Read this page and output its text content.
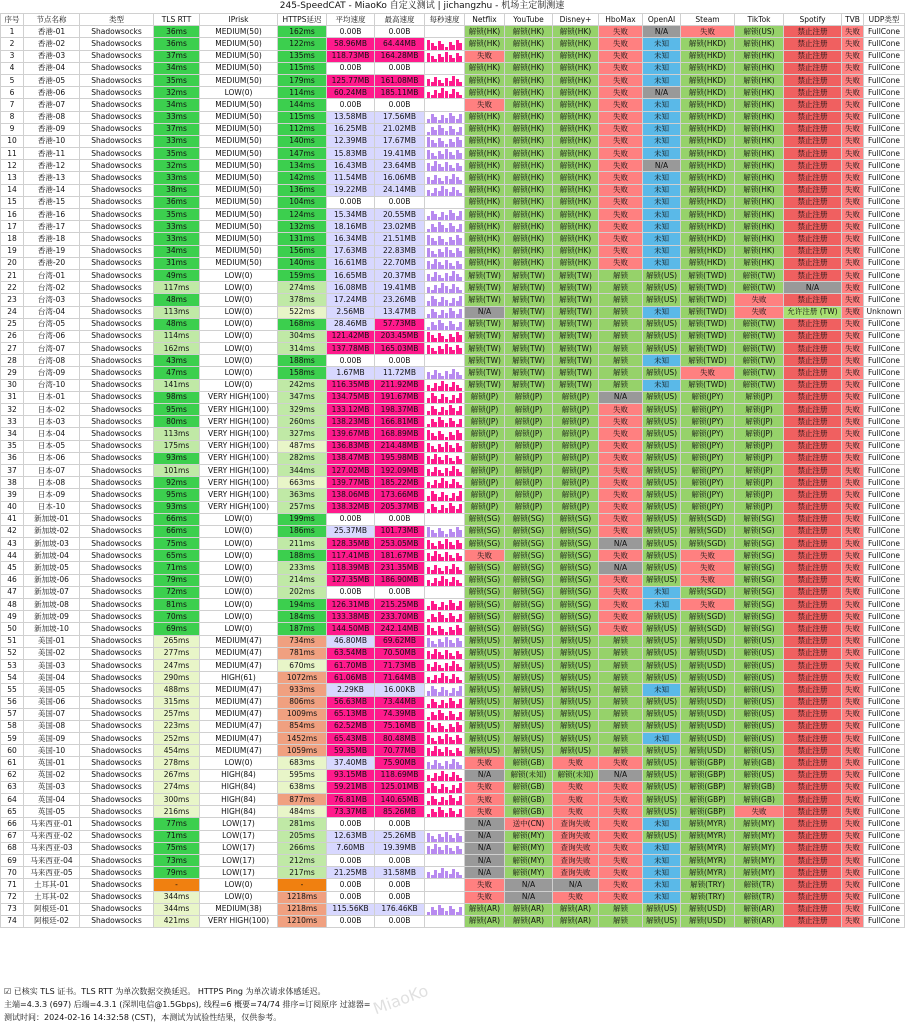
245-SpeedCAT - MiaoKo 自定义测试 | jichangzhu - 机场主定制测速
序号	节点名称	类型	TLS RTT	IPrisk	HTTPS延迟	平均速度	最高速度	每秒速度	Netflix	YouTube	Disney+	HboMax	OpenAI	Steam	TikTok	Spotify	TVB	UDP类型
1	香港-01	Shadowsocks	36ms	MEDIUM(50)	162ms	0.00B	0.00B		解锁(HK)	解锁(HK)	解锁(HK)	失败	N/A	失败	解锁(US)	禁止注册	失败	FullCone
2	香港-02	Shadowsocks	36ms	MEDIUM(50)	122ms	58.96MB	64.44MB		解锁(HK)	解锁(HK)	解锁(HK)	失败	未知	解锁(HKD)	解锁(HK)	禁止注册	失败	FullCone
3	香港-03	Shadowsocks	37ms	MEDIUM(50)	135ms	118.73MB	164.28MB		失败	解锁(HK)	解锁(HK)	失败	未知	解锁(HKD)	解锁(HK)	禁止注册	失败	FullCone
4	香港-04	Shadowsocks	34ms	MEDIUM(50)	115ms	0.00B	0.00B		解锁(HK)	解锁(HK)	解锁(HK)	失败	未知	解锁(HKD)	解锁(HK)	禁止注册	失败	FullCone
5	香港-05	Shadowsocks	35ms	MEDIUM(50)	179ms	125.77MB	161.08MB		解锁(HK)	解锁(HK)	解锁(HK)	失败	未知	解锁(HKD)	解锁(HK)	禁止注册	失败	FullCone
6	香港-06	Shadowsocks	32ms	LOW(0)	114ms	60.24MB	185.11MB		解锁(HK)	解锁(HK)	解锁(HK)	失败	N/A	解锁(HKD)	解锁(HK)	禁止注册	失败	FullCone
7	香港-07	Shadowsocks	34ms	MEDIUM(50)	144ms	0.00B	0.00B		失败	解锁(HK)	解锁(HK)	失败	未知	解锁(HKD)	解锁(HK)	禁止注册	失败	FullCone
8	香港-08	Shadowsocks	33ms	MEDIUM(50)	115ms	13.58MB	17.56MB		解锁(HK)	解锁(HK)	解锁(HK)	失败	未知	解锁(HKD)	解锁(HK)	禁止注册	失败	FullCone
9	香港-09	Shadowsocks	37ms	MEDIUM(50)	112ms	16.25MB	21.02MB		解锁(HK)	解锁(HK)	解锁(HK)	失败	未知	解锁(HKD)	解锁(HK)	禁止注册	失败	FullCone
10	香港-10	Shadowsocks	33ms	MEDIUM(50)	140ms	12.39MB	17.67MB		解锁(HK)	解锁(HK)	解锁(HK)	失败	未知	解锁(HKD)	解锁(HK)	禁止注册	失败	FullCone
11	香港-11	Shadowsocks	35ms	MEDIUM(50)	147ms	15.83MB	19.41MB		解锁(HK)	解锁(HK)	解锁(HK)	失败	未知	解锁(HKD)	解锁(HK)	禁止注册	失败	FullCone
12	香港-12	Shadowsocks	32ms	MEDIUM(50)	134ms	16.43MB	23.64MB		解锁(HK)	解锁(HK)	解锁(HK)	失败	N/A	解锁(HKD)	解锁(HK)	禁止注册	失败	FullCone
13	香港-13	Shadowsocks	33ms	MEDIUM(50)	142ms	11.54MB	16.06MB		解锁(HK)	解锁(HK)	解锁(HK)	失败	未知	解锁(HKD)	解锁(HK)	禁止注册	失败	FullCone
14	香港-14	Shadowsocks	38ms	MEDIUM(50)	136ms	19.22MB	24.14MB		解锁(HK)	解锁(HK)	解锁(HK)	失败	未知	解锁(HKD)	解锁(HK)	禁止注册	失败	FullCone
15	香港-15	Shadowsocks	36ms	MEDIUM(50)	104ms	0.00B	0.00B		解锁(HK)	解锁(HK)	解锁(HK)	失败	未知	解锁(HKD)	解锁(HK)	禁止注册	失败	FullCone
16	香港-16	Shadowsocks	35ms	MEDIUM(50)	124ms	15.34MB	20.55MB		解锁(HK)	解锁(HK)	解锁(HK)	失败	未知	解锁(HKD)	解锁(HK)	禁止注册	失败	FullCone
17	香港-17	Shadowsocks	33ms	MEDIUM(50)	132ms	18.16MB	23.02MB		解锁(HK)	解锁(HK)	解锁(HK)	失败	未知	解锁(HKD)	解锁(HK)	禁止注册	失败	FullCone
18	香港-18	Shadowsocks	33ms	MEDIUM(50)	131ms	16.34MB	21.51MB		解锁(HK)	解锁(HK)	解锁(HK)	失败	未知	解锁(HKD)	解锁(HK)	禁止注册	失败	FullCone
19	香港-19	Shadowsocks	34ms	MEDIUM(50)	156ms	17.63MB	22.83MB		解锁(HK)	解锁(HK)	解锁(HK)	失败	未知	解锁(HKD)	解锁(HK)	禁止注册	失败	FullCone
20	香港-20	Shadowsocks	31ms	MEDIUM(50)	140ms	16.61MB	22.70MB		解锁(HK)	解锁(HK)	解锁(HK)	失败	未知	解锁(HKD)	解锁(HK)	禁止注册	失败	FullCone
21	台湾-01	Shadowsocks	49ms	LOW(0)	159ms	16.65MB	20.37MB		解锁(TW)	解锁(TW)	解锁(TW)	解锁	解锁(US)	解锁(TWD)	解锁(TW)	禁止注册	失败	FullCone
22	台湾-02	Shadowsocks	117ms	LOW(0)	274ms	16.08MB	19.41MB		解锁(TW)	解锁(TW)	解锁(TW)	解锁	解锁(US)	解锁(TWD)	解锁(TW)	N/A	失败	FullCone
23	台湾-03	Shadowsocks	48ms	LOW(0)	378ms	17.24MB	23.26MB		解锁(TW)	解锁(TW)	解锁(TW)	解锁	解锁(US)	解锁(TWD)	失败	禁止注册	失败	FullCone
24	台湾-04	Shadowsocks	113ms	LOW(0)	522ms	2.56MB	13.47MB		N/A	解锁(TW)	解锁(TW)	解锁	未知	解锁(TWD)	失败	允许注册 (TW)	失败	Unknown
25	台湾-05	Shadowsocks	48ms	LOW(0)	168ms	28.46MB	57.73MB		解锁(TW)	解锁(TW)	解锁(TW)	解锁	解锁(US)	解锁(TWD)	解锁(TW)	禁止注册	失败	FullCone
26	台湾-06	Shadowsocks	114ms	LOW(0)	304ms	121.42MB	203.45MB		解锁(TW)	解锁(TW)	解锁(TW)	解锁	解锁(US)	解锁(TWD)	解锁(TW)	禁止注册	失败	FullCone
27	台湾-07	Shadowsocks	162ms	LOW(0)	314ms	137.78MB	165.03MB		解锁(TW)	解锁(TW)	解锁(TW)	解锁	解锁(US)	解锁(TWD)	解锁(TW)	禁止注册	失败	FullCone
28	台湾-08	Shadowsocks	43ms	LOW(0)	188ms	0.00B	0.00B		解锁(TW)	解锁(TW)	解锁(TW)	解锁	未知	解锁(TWD)	解锁(TW)	禁止注册	失败	FullCone
29	台湾-09	Shadowsocks	47ms	LOW(0)	158ms	1.67MB	11.72MB		解锁(TW)	解锁(TW)	解锁(TW)	解锁	解锁(US)	失败	解锁(TW)	禁止注册	失败	FullCone
30	台湾-10	Shadowsocks	141ms	LOW(0)	242ms	116.35MB	211.92MB		解锁(TW)	解锁(TW)	解锁(TW)	解锁	未知	解锁(TWD)	解锁(TW)	禁止注册	失败	FullCone
31	日本-01	Shadowsocks	98ms	VERY HIGH(100)	347ms	134.75MB	191.67MB		解锁(JP)	解锁(JP)	解锁(JP)	N/A	解锁(US)	解锁(JPY)	解锁(JP)	禁止注册	失败	FullCone
32	日本-02	Shadowsocks	95ms	VERY HIGH(100)	329ms	133.12MB	198.37MB		解锁(JP)	解锁(JP)	解锁(JP)	失败	解锁(US)	解锁(JPY)	解锁(JP)	禁止注册	失败	FullCone
33	日本-03	Shadowsocks	80ms	VERY HIGH(100)	260ms	138.23MB	166.81MB		解锁(JP)	解锁(JP)	解锁(JP)	失败	解锁(US)	解锁(JPY)	解锁(JP)	禁止注册	失败	FullCone
34	日本-04	Shadowsocks	113ms	VERY HIGH(100)	327ms	139.67MB	168.89MB		解锁(JP)	解锁(JP)	解锁(JP)	失败	解锁(US)	解锁(JPY)	解锁(JP)	禁止注册	失败	FullCone
35	日本-05	Shadowsocks	175ms	VERY HIGH(100)	487ms	136.83MB	214.48MB		解锁(JP)	解锁(JP)	解锁(JP)	失败	解锁(US)	解锁(JPY)	解锁(JP)	禁止注册	失败	FullCone
36	日本-06	Shadowsocks	93ms	VERY HIGH(100)	282ms	138.47MB	195.98MB		解锁(JP)	解锁(JP)	解锁(JP)	失败	解锁(US)	解锁(JPY)	解锁(JP)	禁止注册	失败	FullCone
37	日本-07	Shadowsocks	101ms	VERY HIGH(100)	344ms	127.02MB	192.09MB		解锁(JP)	解锁(JP)	解锁(JP)	失败	解锁(US)	解锁(JPY)	解锁(JP)	禁止注册	失败	FullCone
38	日本-08	Shadowsocks	92ms	VERY HIGH(100)	663ms	139.77MB	185.22MB		解锁(JP)	解锁(JP)	解锁(JP)	失败	解锁(US)	解锁(JPY)	解锁(JP)	禁止注册	失败	FullCone
39	日本-09	Shadowsocks	95ms	VERY HIGH(100)	363ms	138.06MB	173.66MB		解锁(JP)	解锁(JP)	解锁(JP)	失败	解锁(US)	解锁(JPY)	解锁(JP)	禁止注册	失败	FullCone
40	日本-10	Shadowsocks	93ms	VERY HIGH(100)	257ms	138.32MB	205.37MB		解锁(JP)	解锁(JP)	解锁(JP)	失败	解锁(US)	解锁(JPY)	解锁(JP)	禁止注册	失败	FullCone
41	新加坡-01	Shadowsocks	66ms	LOW(0)	199ms	0.00B	0.00B		解锁(SG)	解锁(SG)	解锁(SG)	失败	解锁(US)	解锁(SGD)	解锁(SG)	禁止注册	失败	FullCone
42	新加坡-02	Shadowsocks	66ms	LOW(0)	186ms	25.37MB	101.73MB		解锁(SG)	解锁(SG)	解锁(SG)	失败	解锁(US)	解锁(SGD)	解锁(SG)	禁止注册	失败	FullCone
43	新加坡-03	Shadowsocks	75ms	LOW(0)	211ms	128.35MB	253.05MB		解锁(SG)	解锁(SG)	解锁(SG)	N/A	解锁(US)	解锁(SGD)	解锁(SG)	禁止注册	失败	FullCone
44	新加坡-04	Shadowsocks	65ms	LOW(0)	188ms	117.41MB	181.67MB		失败	解锁(SG)	解锁(SG)	失败	解锁(US)	失败	解锁(SG)	禁止注册	失败	FullCone
45	新加坡-05	Shadowsocks	71ms	LOW(0)	233ms	118.39MB	231.35MB		解锁(SG)	解锁(SG)	解锁(SG)	N/A	解锁(US)	失败	解锁(SG)	禁止注册	失败	FullCone
46	新加坡-06	Shadowsocks	79ms	LOW(0)	214ms	127.35MB	186.90MB		解锁(SG)	解锁(SG)	解锁(SG)	失败	解锁(US)	失败	解锁(SG)	禁止注册	失败	FullCone
47	新加坡-07	Shadowsocks	72ms	LOW(0)	202ms	0.00B	0.00B		解锁(SG)	解锁(SG)	解锁(SG)	失败	未知	解锁(SGD)	解锁(SG)	禁止注册	失败	FullCone
48	新加坡-08	Shadowsocks	81ms	LOW(0)	194ms	126.31MB	215.25MB		解锁(SG)	解锁(SG)	解锁(SG)	失败	未知	失败	解锁(SG)	禁止注册	失败	FullCone
49	新加坡-09	Shadowsocks	70ms	LOW(0)	184ms	133.38MB	233.70MB		解锁(SG)	解锁(SG)	解锁(SG)	失败	解锁(US)	解锁(SGD)	解锁(SG)	禁止注册	失败	FullCone
50	新加坡-10	Shadowsocks	69ms	LOW(0)	187ms	144.50MB	242.14MB		解锁(SG)	解锁(SG)	解锁(SG)	失败	解锁(US)	解锁(SGD)	解锁(SG)	禁止注册	失败	FullCone
51	美国-01	Shadowsocks	265ms	MEDIUM(47)	734ms	46.80MB	69.62MB		解锁(US)	解锁(US)	解锁(US)	解锁	解锁(US)	解锁(USD)	解锁(US)	禁止注册	失败	FullCone
52	美国-02	Shadowsocks	277ms	MEDIUM(47)	781ms	63.54MB	70.50MB		解锁(US)	解锁(US)	解锁(US)	解锁	解锁(US)	解锁(USD)	解锁(US)	禁止注册	失败	FullCone
53	美国-03	Shadowsocks	247ms	MEDIUM(47)	670ms	61.70MB	71.73MB		解锁(US)	解锁(US)	解锁(US)	解锁	解锁(US)	解锁(USD)	解锁(US)	禁止注册	失败	FullCone
54	美国-04	Shadowsocks	290ms	HIGH(61)	1072ms	61.06MB	71.64MB		解锁(US)	解锁(US)	解锁(US)	解锁	解锁(US)	解锁(USD)	解锁(US)	禁止注册	失败	FullCone
55	美国-05	Shadowsocks	488ms	MEDIUM(47)	933ms	2.29KB	16.00KB		解锁(US)	解锁(US)	解锁(US)	解锁	未知	解锁(USD)	解锁(US)	禁止注册	失败	FullCone
56	美国-06	Shadowsocks	315ms	MEDIUM(47)	806ms	56.63MB	73.44MB		解锁(US)	解锁(US)	解锁(US)	解锁	解锁(US)	解锁(USD)	解锁(US)	禁止注册	失败	FullCone
57	美国-07	Shadowsocks	257ms	MEDIUM(47)	1009ms	65.13MB	74.39MB		解锁(US)	解锁(US)	解锁(US)	解锁	解锁(US)	解锁(USD)	解锁(US)	禁止注册	失败	FullCone
58	美国-08	Shadowsocks	223ms	MEDIUM(47)	854ms	62.52MB	75.16MB		解锁(US)	解锁(US)	解锁(US)	解锁	解锁(US)	解锁(USD)	解锁(US)	禁止注册	失败	FullCone
59	美国-09	Shadowsocks	252ms	MEDIUM(47)	1452ms	65.43MB	80.48MB		解锁(US)	解锁(US)	解锁(US)	解锁	未知	解锁(USD)	解锁(US)	禁止注册	失败	FullCone
60	美国-10	Shadowsocks	454ms	MEDIUM(47)	1059ms	59.35MB	70.77MB		解锁(US)	解锁(US)	解锁(US)	解锁	解锁(US)	解锁(USD)	解锁(US)	禁止注册	失败	FullCone
61	英国-01	Shadowsocks	278ms	LOW(0)	683ms	37.40MB	75.90MB		失败	解锁(GB)	失败	失败	解锁(US)	解锁(GBP)	解锁(GB)	禁止注册	失败	FullCone
62	英国-02	Shadowsocks	267ms	HIGH(84)	595ms	93.15MB	118.69MB		N/A	解锁(未知)	解锁(未知)	N/A	解锁(US)	解锁(GBP)	解锁(US)	禁止注册	失败	FullCone
63	英国-03	Shadowsocks	274ms	HIGH(84)	638ms	59.21MB	125.01MB		失败	解锁(GB)	失败	失败	解锁(US)	解锁(GBP)	解锁(GB)	禁止注册	失败	FullCone
64	英国-04	Shadowsocks	300ms	HIGH(84)	877ms	76.81MB	140.65MB		失败	解锁(GB)	失败	失败	解锁(US)	解锁(GBP)	解锁(GB)	禁止注册	失败	FullCone
65	英国-05	Shadowsocks	216ms	HIGH(84)	484ms	73.37MB	85.26MB		失败	解锁(GB)	失败	失败	解锁(US)	解锁(GBP)	失败	禁止注册	失败	FullCone
66	马来西亚-01	Shadowsocks	77ms	LOW(17)	281ms	0.00B	0.00B		N/A	送中(CN)	查询失败	失败	未知	解锁(MYR)	解锁(MY)	禁止注册	失败	FullCone
67	马来西亚-02	Shadowsocks	71ms	LOW(17)	205ms	12.63MB	25.26MB		N/A	解锁(MY)	查询失败	失败	解锁(US)	解锁(MYR)	解锁(MY)	禁止注册	失败	FullCone
68	马来西亚-03	Shadowsocks	75ms	LOW(17)	266ms	7.60MB	19.39MB		N/A	解锁(MY)	查询失败	失败	未知	解锁(MYR)	解锁(MY)	禁止注册	失败	FullCone
69	马来西亚-04	Shadowsocks	73ms	LOW(17)	212ms	0.00B	0.00B		N/A	解锁(MY)	查询失败	失败	未知	解锁(MYR)	解锁(MY)	禁止注册	失败	FullCone
70	马来西亚-05	Shadowsocks	79ms	LOW(17)	217ms	21.25MB	31.58MB		N/A	解锁(MY)	查询失败	失败	未知	解锁(MYR)	解锁(MY)	禁止注册	失败	FullCone
71	土耳其-01	Shadowsocks	-	LOW(0)	-	0.00B	0.00B		失败	N/A	N/A	失败	未知	解锁(TRY)	解锁(TR)	禁止注册	失败	FullCone
72	土耳其-02	Shadowsocks	344ms	LOW(0)	1218ms	0.00B	0.00B		失败	N/A	失败	失败	未知	解锁(TRY)	解锁(TR)	禁止注册	失败	FullCone
73	阿根廷-01	Shadowsocks	344ms	MEDIUM(38)	1218ms	115.56KB	176.46KB		解锁(AR)	解锁(AR)	解锁(AR)	解锁	解锁(US)	解锁(USD)	解锁(AR)	禁止注册	失败	FullCone
74	阿根廷-02	Shadowsocks	421ms	VERY HIGH(100)	1210ms	0.00B	0.00B		解锁(AR)	解锁(AR)	解锁(AR)	解锁	解锁(US)	解锁(USD)	解锁(AR)	禁止注册	失败	FullCone
☑ 已核实 TLS 证书。TLS RTT 为单次数据交换延迟。 HTTPS Ping 为单次请求体感延迟。
主端=4.3.3 (697) 后端=4.3.1 (深圳电信@1.5Gbps), 线程=6 概要=74/74 排序=订阅原序 过滤器=
测试时间：2024-02-16 14:32:58 (CST)，本测试为试验性结果，仅供参考。	MiaoKo
